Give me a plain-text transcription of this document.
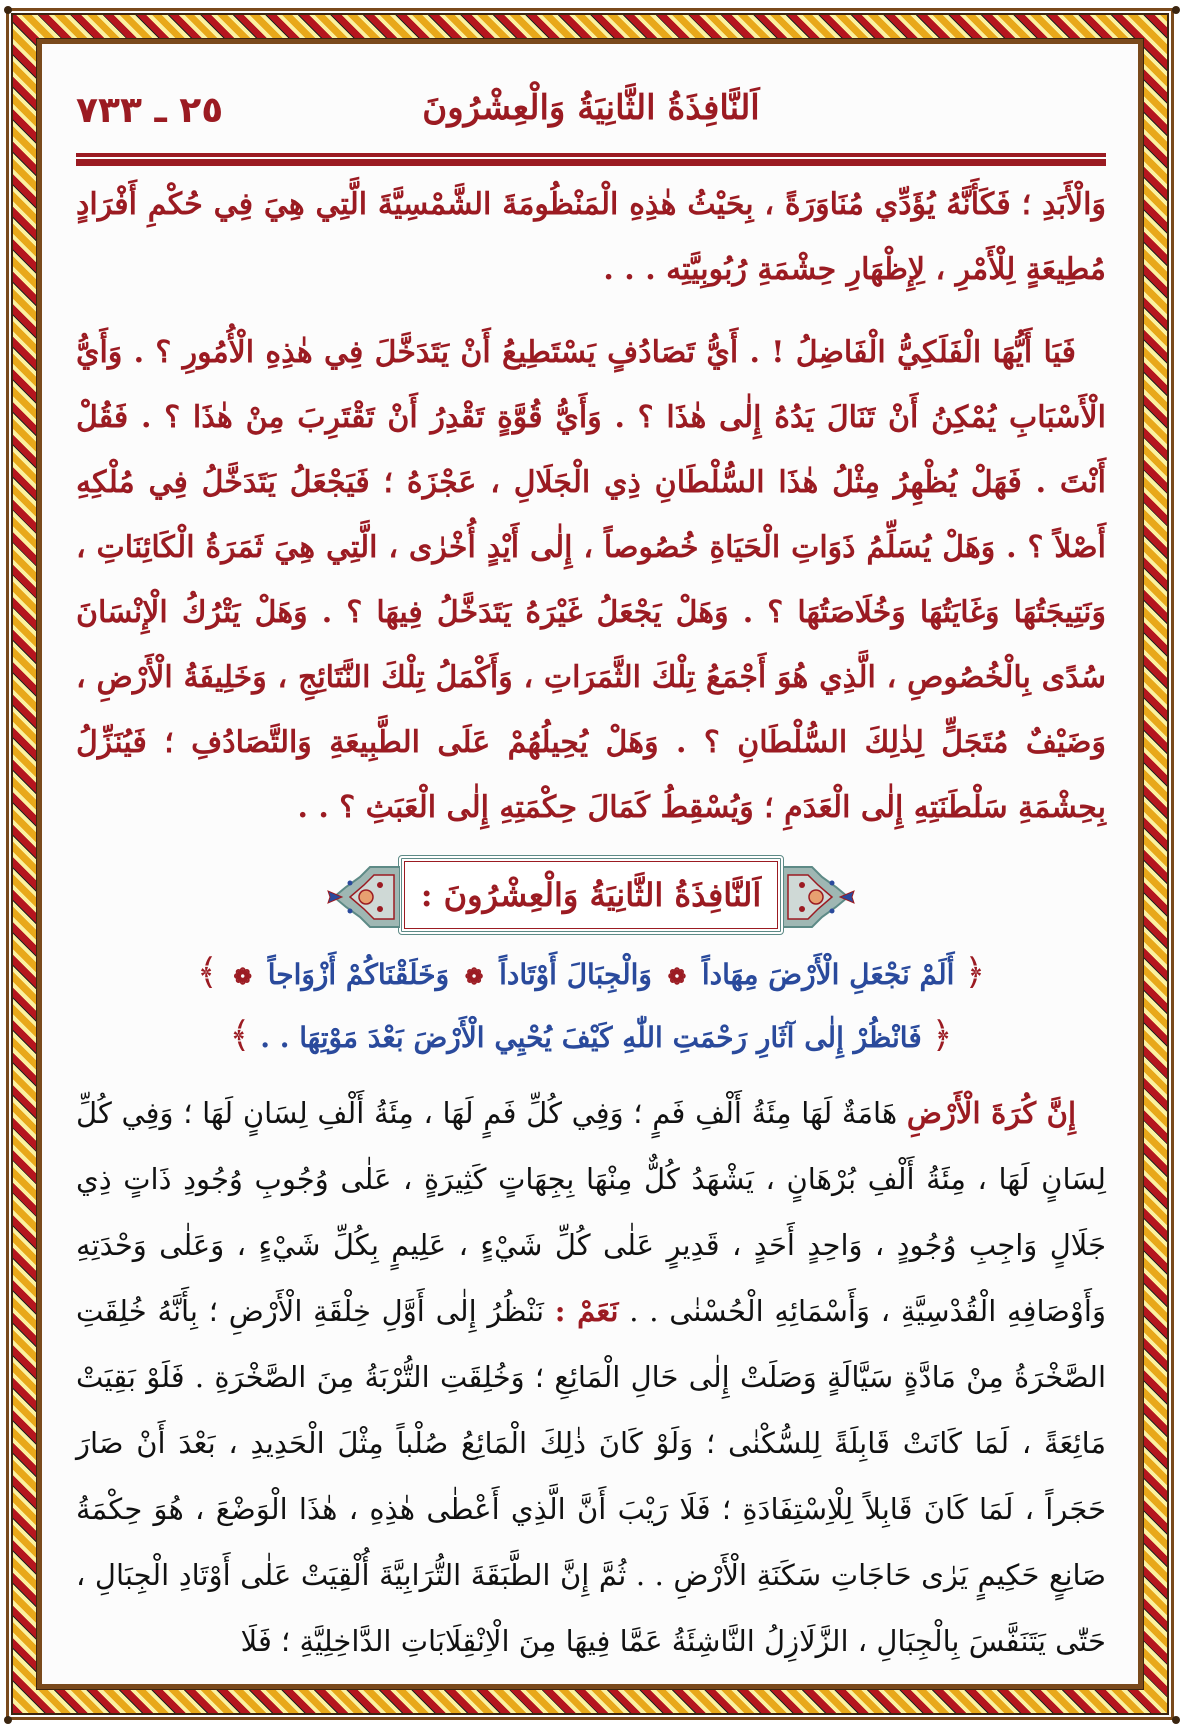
اَلنَّافِذَةُ الثَّانِيَةُ وَالْعِشْرُونَ
٢٥ ـ ٧٣٣

وَالْأَبَدِ ؛ فَكَأَنَّهُ يُؤَدِّي مُنَاوَرَةً ، بِحَيْثُ هٰذِهِ الْمَنْظُومَةَ الشَّمْسِيَّةَ الَّتِي هِيَ فِي حُكْمِ أَفْرَادٍ مُطِيعَةٍ لِلْأَمْرِ ، لِإِظْهَارِ حِشْمَةِ رُبُوبِيَّتِه . . .

فَيَا أَيُّهَا الْفَلَكِيُّ الْفَاضِلُ ! . أَيُّ تَصَادُفٍ يَسْتَطِيعُ أَنْ يَتَدَخَّلَ فِي هٰذِهِ الْأُمُورِ ؟ . وَأَيُّ الْأَسْبَابِ يُمْكِنُ أَنْ تَنَالَ يَدُهُ إِلٰى هٰذَا ؟ . وَأَيُّ قُوَّةٍ تَقْدِرُ أَنْ تَقْتَرِبَ مِنْ هٰذَا ؟ . فَقُلْ أَنْتَ . فَهَلْ يُظْهِرُ مِثْلُ هٰذَا السُّلْطَانِ ذِي الْجَلَالِ ، عَجْزَهُ ؛ فَيَجْعَلُ يَتَدَخَّلُ فِي مُلْكِهِ أَصْلاً ؟ . وَهَلْ يُسَلِّمُ ذَوَاتِ الْحَيَاةِ خُصُوصاً ، إِلٰى أَيْدٍ أُخْرٰى ، الَّتِي هِيَ ثَمَرَةُ الْكَائِنَاتِ ، وَنَتِيجَتُهَا وَغَايَتُهَا وَخُلَاصَتُهَا ؟ . وَهَلْ يَجْعَلُ غَيْرَهُ يَتَدَخَّلُ فِيهَا ؟ . وَهَلْ يَتْرُكُ الْإِنْسَانَ سُدًى بِالْخُصُوصِ ، الَّذِي هُوَ أَجْمَعُ تِلْكَ الثَّمَرَاتِ ، وَأَكْمَلُ تِلْكَ النَّتَائِجِ ، وَخَلِيفَةُ الْأَرْضِ ، وَضَيْفٌ مُتَجَلٍّ لِذٰلِكَ السُّلْطَانِ ؟ . وَهَلْ يُحِيلُهُمْ عَلَى الطَّبِيعَةِ وَالتَّصَادُفِ ؛ فَيُنَزِّلُ بِحِشْمَةِ سَلْطَنَتِهِ إِلٰى الْعَدَمِ ؛ وَيُسْقِطُ كَمَالَ حِكْمَتِهِ إِلٰى الْعَبَثِ ؟ . .

اَلنَّافِذَةُ الثَّانِيَةُ وَالْعِشْرُونَ :
﴿ أَلَمْ نَجْعَلِ الْأَرْضَ مِهَاداً ❁ وَالْجِبَالَ أَوْتَاداً ❁ وَخَلَقْنَاكُمْ أَزْوَاجاً ❁ ﴾
﴿ فَانْظُرْ إِلٰى آثَارِ رَحْمَتِ اللّٰهِ كَيْفَ يُحْيِي الْأَرْضَ بَعْدَ مَوْتِهَا . . ﴾

إِنَّ كُرَةَ الْأَرْضِ هَامَةٌ لَهَا مِئَةُ أَلْفِ فَمٍ ؛ وَفِي كُلِّ فَمٍ لَهَا ، مِئَةُ أَلْفِ لِسَانٍ لَهَا ؛ وَفِي كُلِّ لِسَانٍ لَهَا ، مِئَةُ أَلْفِ بُرْهَانٍ ، يَشْهَدُ كُلٌّ مِنْهَا بِجِهَاتٍ كَثِيرَةٍ ، عَلٰى وُجُوبِ وُجُودِ ذَاتٍ ذِي جَلَالٍ وَاجِبِ وُجُودٍ ، وَاحِدٍ أَحَدٍ ، قَدِيرٍ عَلٰى كُلِّ شَيْءٍ ، عَلِيمٍ بِكُلِّ شَيْءٍ ، وَعَلٰى وَحْدَتِهِ وَأَوْصَافِهِ الْقُدْسِيَّةِ ، وَأَسْمَائِهِ الْحُسْنٰى . . نَعَمْ : نَنْظُرُ إِلٰى أَوَّلِ خِلْقَةِ الْأَرْضِ ؛ بِأَنَّهُ خُلِقَتِ الصَّخْرَةُ مِنْ مَادَّةٍ سَيَّالَةٍ وَصَلَتْ إِلٰى حَالِ الْمَائِعِ ؛ وَخُلِقَتِ التُّرْبَةُ مِنَ الصَّخْرَةِ . فَلَوْ بَقِيَتْ مَائِعَةً ، لَمَا كَانَتْ قَابِلَةً لِلسُّكْنٰى ؛ وَلَوْ كَانَ ذٰلِكَ الْمَائِعُ صُلْباً مِثْلَ الْحَدِيدِ ، بَعْدَ أَنْ صَارَ حَجَراً ، لَمَا كَانَ قَابِلاً لِلْاِسْتِفَادَةِ ؛ فَلَا رَيْبَ أَنَّ الَّذِي أَعْطٰى هٰذِهِ ، هٰذَا الْوَضْعَ ، هُوَ حِكْمَةُ صَانِعٍ حَكِيمٍ يَرٰى حَاجَاتِ سَكَنَةِ الْأَرْضِ . . ثُمَّ إِنَّ الطَّبَقَةَ التُّرَابِيَّةَ أُلْقِيَتْ عَلٰى أَوْتَادِ الْجِبَالِ ، حَتّٰى يَتَنَفَّسَ بِالْجِبَالِ ، الزَّلَازِلُ النَّاشِئَةُ عَمَّا فِيهَا مِنَ الْاِنْقِلَابَاتِ الدَّاخِلِيَّةِ ؛ فَلَا
